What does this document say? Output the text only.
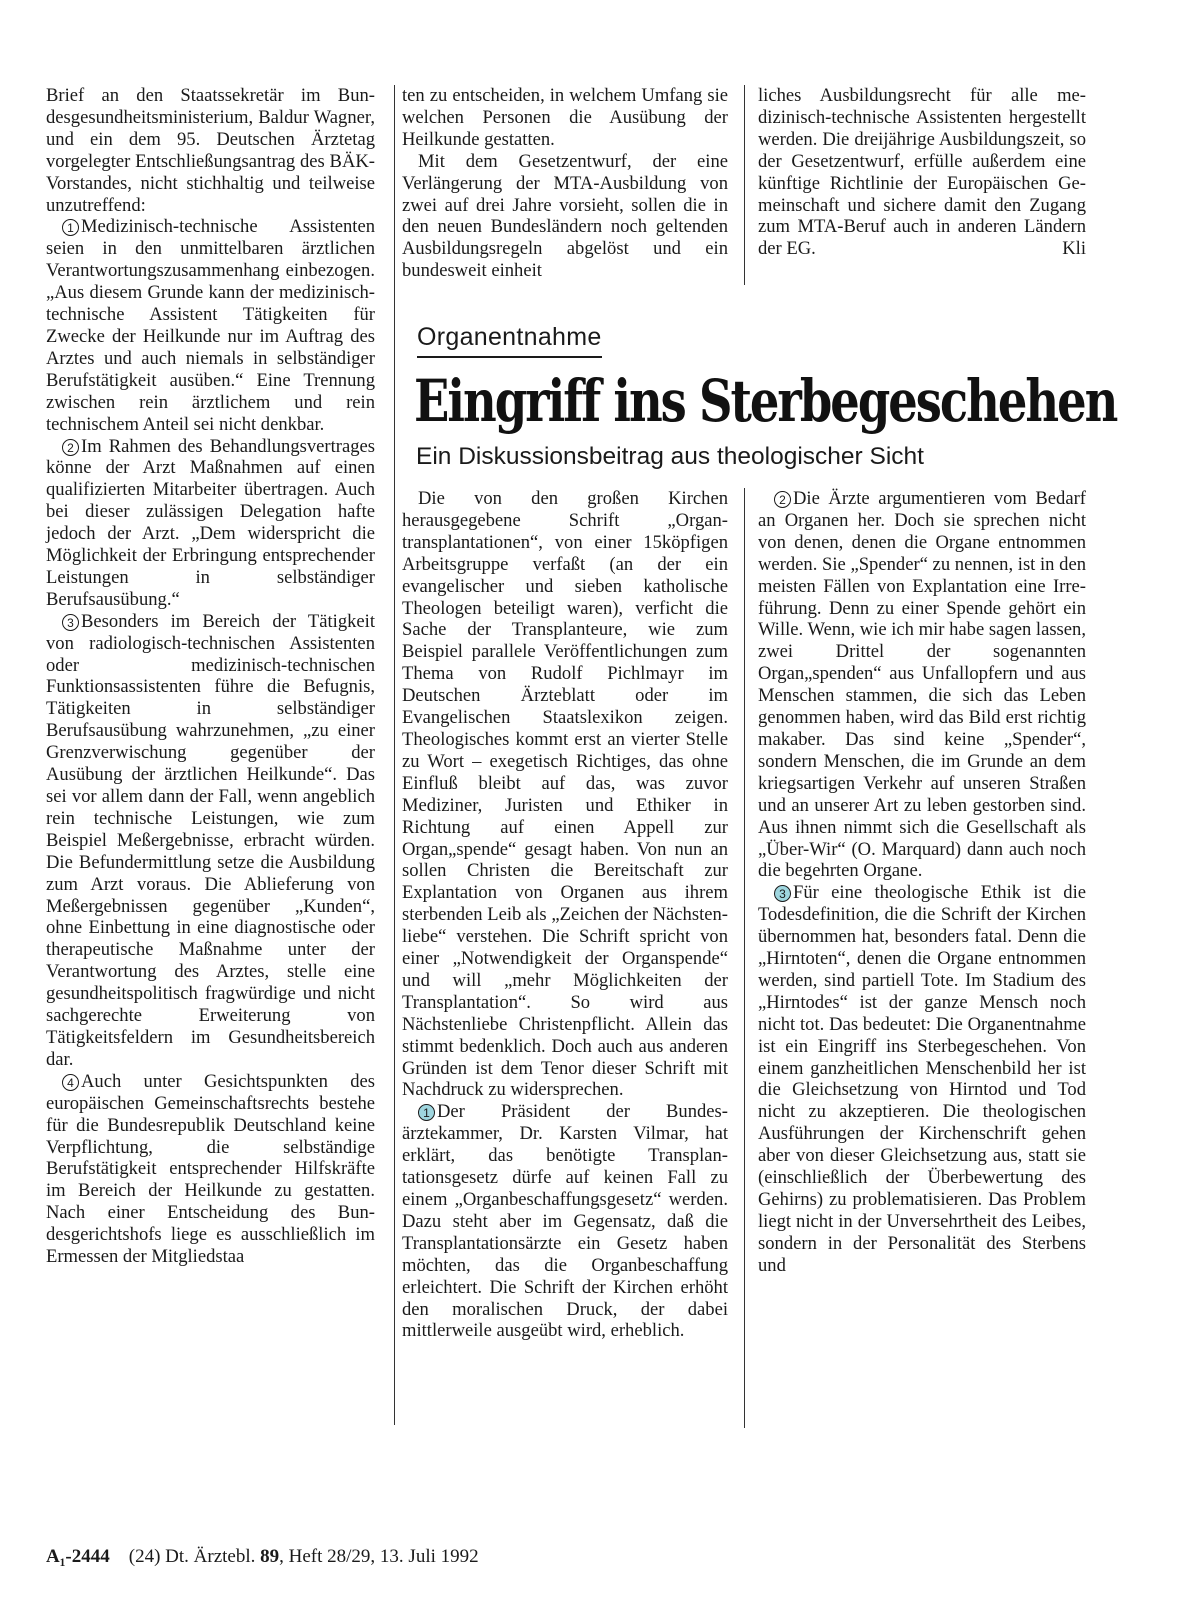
Brief an den Staatssekretär im Bundesgesundheitsministerium, Baldur Wagner, und ein dem 95. Deutschen Ärztetag vorgelegter Entschließungsantrag des BÄK-Vorstandes, nicht stichhaltig und teilweise unzutreffend:

1 Medizinisch-technische Assistenten seien in den unmittelbaren ärztlichen Verantwortungszusammenhang einbezogen. „Aus diesem Grunde kann der medizinisch-technische Assistent Tätigkeiten für Zwecke der Heilkunde nur im Auftrag des Arztes und auch niemals in selbständiger Berufstätigkeit ausüben.“ Eine Trennung zwischen rein ärztlichem und rein technischem Anteil sei nicht denkbar.

2 Im Rahmen des Behandlungsvertrages könne der Arzt Maßnahmen auf einen qualifizierten Mitarbeiter übertragen. Auch bei dieser zulässigen Delegation hafte jedoch der Arzt. „Dem widerspricht die Möglichkeit der Erbringung entsprechender Leistungen in selbständiger Berufsausübung.“

3 Besonders im Bereich der Tätigkeit von radiologisch-technischen Assistenten oder medizinisch-technischen Funktionsassistenten führe die Befugnis, Tätigkeiten in selbständiger Berufsausübung wahrzunehmen, „zu einer Grenzverwischung gegenüber der Ausübung der ärztlichen Heilkunde“. Das sei vor allem dann der Fall, wenn angeblich rein technische Leistungen, wie zum Beispiel Meßergebnisse, erbracht würden. Die Befundermittlung setze die Ausbildung zum Arzt voraus. Die Ablieferung von Meßergebnissen gegenüber „Kunden“, ohne Einbettung in eine diagnostische oder therapeutische Maßnahme unter der Verantwortung des Arztes, stelle eine gesundheitspolitisch fragwürdige und nicht sachgerechte Erweiterung von Tätigkeitsfeldern im Gesundheitsbereich dar.

4 Auch unter Gesichtspunkten des europäischen Gemeinschaftsrechts bestehe für die Bundesrepublik Deutschland keine Verpflichtung, die selbständige Berufstätigkeit entsprechender Hilfskräfte im Bereich der Heilkunde zu gestatten. Nach einer Entscheidung des Bundesgerichtshofs liege es ausschließlich im Ermessen der Mitgliedstaa

ten zu entscheiden, in welchem Umfang sie welchen Personen die Ausübung der Heilkunde gestatten.

Mit dem Gesetzentwurf, der eine Verlängerung der MTA-Ausbildung von zwei auf drei Jahre vorsieht, sollen die in den neuen Bundesländern noch geltenden Ausbildungsregeln abgelöst und ein bundesweit einheit

liches Ausbildungsrecht für alle medizinisch-technische Assistenten hergestellt werden. Die dreijährige Ausbildungszeit, so der Gesetzentwurf, erfülle außerdem eine künftige Richtlinie der Europäischen Gemeinschaft und sichere damit den Zugang zum MTA-Beruf auch in anderen Ländern der EG.	Kli
Organentnahme
Eingriff ins Sterbegeschehen
Ein Diskussionsbeitrag aus theologischer Sicht

Die von den großen Kirchen herausgegebene Schrift „Organtransplantationen“, von einer 15köpfigen Arbeitsgruppe verfaßt (an der ein evangelischer und sieben katholische Theologen beteiligt waren), verficht die Sache der Transplanteure, wie zum Beispiel parallele Veröffentlichungen zum Thema von Rudolf Pichlmayr im Deutschen Ärzteblatt oder im Evangelischen Staatslexikon zeigen. Theologisches kommt erst an vierter Stelle zu Wort – exegetisch Richtiges, das ohne Einfluß bleibt auf das, was zuvor Mediziner, Juristen und Ethiker in Richtung auf einen Appell zur Organ„spende“ gesagt haben. Von nun an sollen Christen die Bereitschaft zur Explantation von Organen aus ihrem sterbenden Leib als „Zeichen der Nächstenliebe“ verstehen. Die Schrift spricht von einer „Notwendigkeit der Organspende“ und will „mehr Möglichkeiten der Transplantation“. So wird aus Nächstenliebe Christenpflicht. Allein das stimmt bedenklich. Doch auch aus anderen Gründen ist dem Tenor dieser Schrift mit Nachdruck zu widersprechen.

1 Der Präsident der Bundesärztekammer, Dr. Karsten Vilmar, hat erklärt, das benötigte Transplantationsgesetz dürfe auf keinen Fall zu einem „Organbeschaffungsgesetz“ werden. Dazu steht aber im Gegensatz, daß die Transplantationsärzte ein Gesetz haben möchten, das die Organbeschaffung erleichtert. Die Schrift der Kirchen erhöht den moralischen Druck, der dabei mittlerweile ausgeübt wird, erheblich.

2 Die Ärzte argumentieren vom Bedarf an Organen her. Doch sie sprechen nicht von denen, denen die Organe entnommen werden. Sie „Spender“ zu nennen, ist in den meisten Fällen von Explantation eine Irreführung. Denn zu einer Spende gehört ein Wille. Wenn, wie ich mir habe sagen lassen, zwei Drittel der sogenannten Organ„spenden“ aus Unfallopfern und aus Menschen stammen, die sich das Leben genommen haben, wird das Bild erst richtig makaber. Das sind keine „Spender“, sondern Menschen, die im Grunde an dem kriegsartigen Verkehr auf unseren Straßen und an unserer Art zu leben gestorben sind. Aus ihnen nimmt sich die Gesellschaft als „Über-Wir“ (O. Marquard) dann auch noch die begehrten Organe.

3 Für eine theologische Ethik ist die Todesdefinition, die die Schrift der Kirchen übernommen hat, besonders fatal. Denn die „Hirntoten“, denen die Organe entnommen werden, sind partiell Tote. Im Stadium des „Hirntodes“ ist der ganze Mensch noch nicht tot. Das bedeutet: Die Organentnahme ist ein Eingriff ins Sterbegeschehen. Von einem ganzheitlichen Menschenbild her ist die Gleichsetzung von Hirntod und Tod nicht zu akzeptieren. Die theologischen Ausführungen der Kirchenschrift gehen aber von dieser Gleichsetzung aus, statt sie (einschließlich der Überbewertung des Gehirns) zu problematisieren. Das Problem liegt nicht in der Unversehrtheit des Leibes, sondern in der Personalität des Sterbens und

A₁-2444 (24) Dt. Ärztebl. 89, Heft 28/29, 13. Juli 1992
